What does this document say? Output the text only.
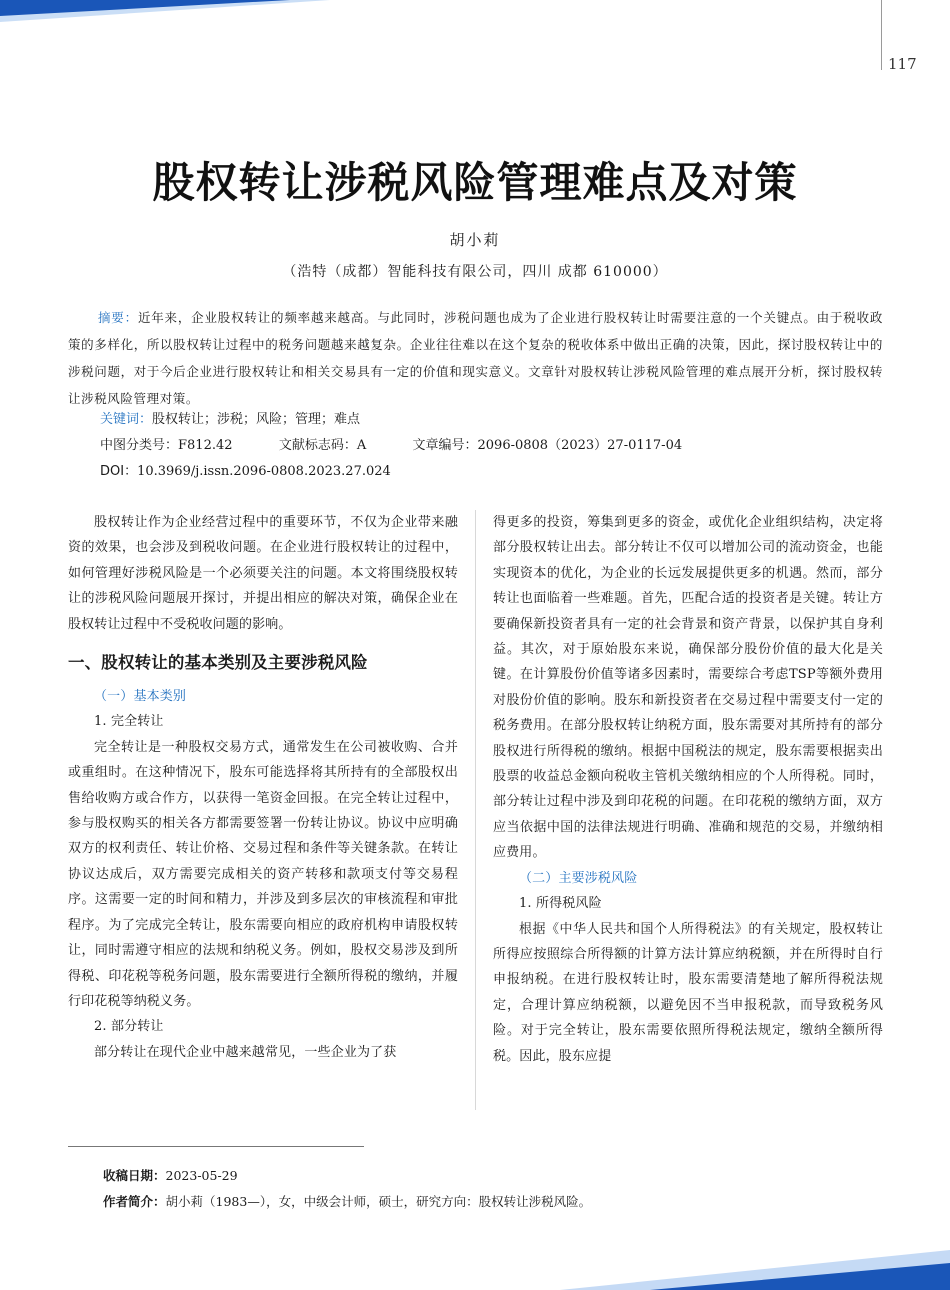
117
股权转让涉税风险管理难点及对策
胡小莉
（浩特（成都）智能科技有限公司，四川 成都 610000）
摘要：近年来，企业股权转让的频率越来越高。与此同时，涉税问题也成为了企业进行股权转让时需要注意的一个关键点。由于税收政策的多样化，所以股权转让过程中的税务问题越来越复杂。企业往往难以在这个复杂的税收体系中做出正确的决策，因此，探讨股权转让中的涉税问题，对于今后企业进行股权转让和相关交易具有一定的价值和现实意义。文章针对股权转让涉税风险管理的难点展开分析，探讨股权转让涉税风险管理对策。
关键词：股权转让；涉税；风险；管理；难点
中图分类号：F812.42	文献标志码：A	文章编号：2096-0808（2023）27-0117-04
DOI：10.3969/j.issn.2096-0808.2023.27.024

股权转让作为企业经营过程中的重要环节，不仅为企业带来融资的效果，也会涉及到税收问题。在企业进行股权转让的过程中，如何管理好涉税风险是一个必须要关注的问题。本文将围绕股权转让的涉税风险问题展开探讨，并提出相应的解决对策，确保企业在股权转让过程中不受税收问题的影响。

一、股权转让的基本类别及主要涉税风险

（一）基本类别

1. 完全转让

完全转让是一种股权交易方式，通常发生在公司被收购、合并或重组时。在这种情况下，股东可能选择将其所持有的全部股权出售给收购方或合作方，以获得一笔资金回报。在完全转让过程中，参与股权购买的相关各方都需要签署一份转让协议。协议中应明确双方的权利责任、转让价格、交易过程和条件等关键条款。在转让协议达成后，双方需要完成相关的资产转移和款项支付等交易程序。这需要一定的时间和精力，并涉及到多层次的审核流程和审批程序。为了完成完全转让，股东需要向相应的政府机构申请股权转让，同时需遵守相应的法规和纳税义务。例如，股权交易涉及到所得税、印花税等税务问题，股东需要进行全额所得税的缴纳，并履行印花税等纳税义务。

2. 部分转让

部分转让在现代企业中越来越常见，一些企业为了获

得更多的投资，筹集到更多的资金，或优化企业组织结构，决定将部分股权转让出去。部分转让不仅可以增加公司的流动资金，也能实现资本的优化，为企业的长远发展提供更多的机遇。然而，部分转让也面临着一些难题。首先，匹配合适的投资者是关键。转让方要确保新投资者具有一定的社会背景和资产背景，以保护其自身利益。其次，对于原始股东来说，确保部分股份价值的最大化是关键。在计算股份价值等诸多因素时，需要综合考虑TSP等额外费用对股份价值的影响。股东和新投资者在交易过程中需要支付一定的税务费用。在部分股权转让纳税方面，股东需要对其所持有的部分股权进行所得税的缴纳。根据中国税法的规定，股东需要根据卖出股票的收益总金额向税收主管机关缴纳相应的个人所得税。同时，部分转让过程中涉及到印花税的问题。在印花税的缴纳方面，双方应当依据中国的法律法规进行明确、准确和规范的交易，并缴纳相应费用。

（二）主要涉税风险

1. 所得税风险

根据《中华人民共和国个人所得税法》的有关规定，股权转让所得应按照综合所得额的计算方法计算应纳税额，并在所得时自行申报纳税。在进行股权转让时，股东需要清楚地了解所得税法规定，合理计算应纳税额，以避免因不当申报税款，而导致税务风险。对于完全转让，股东需要依照所得税法规定，缴纳全额所得税。因此，股东应提

收稿日期：2023-05-29
作者简介：胡小莉（1983—），女，中级会计师，硕士，研究方向：股权转让涉税风险。
